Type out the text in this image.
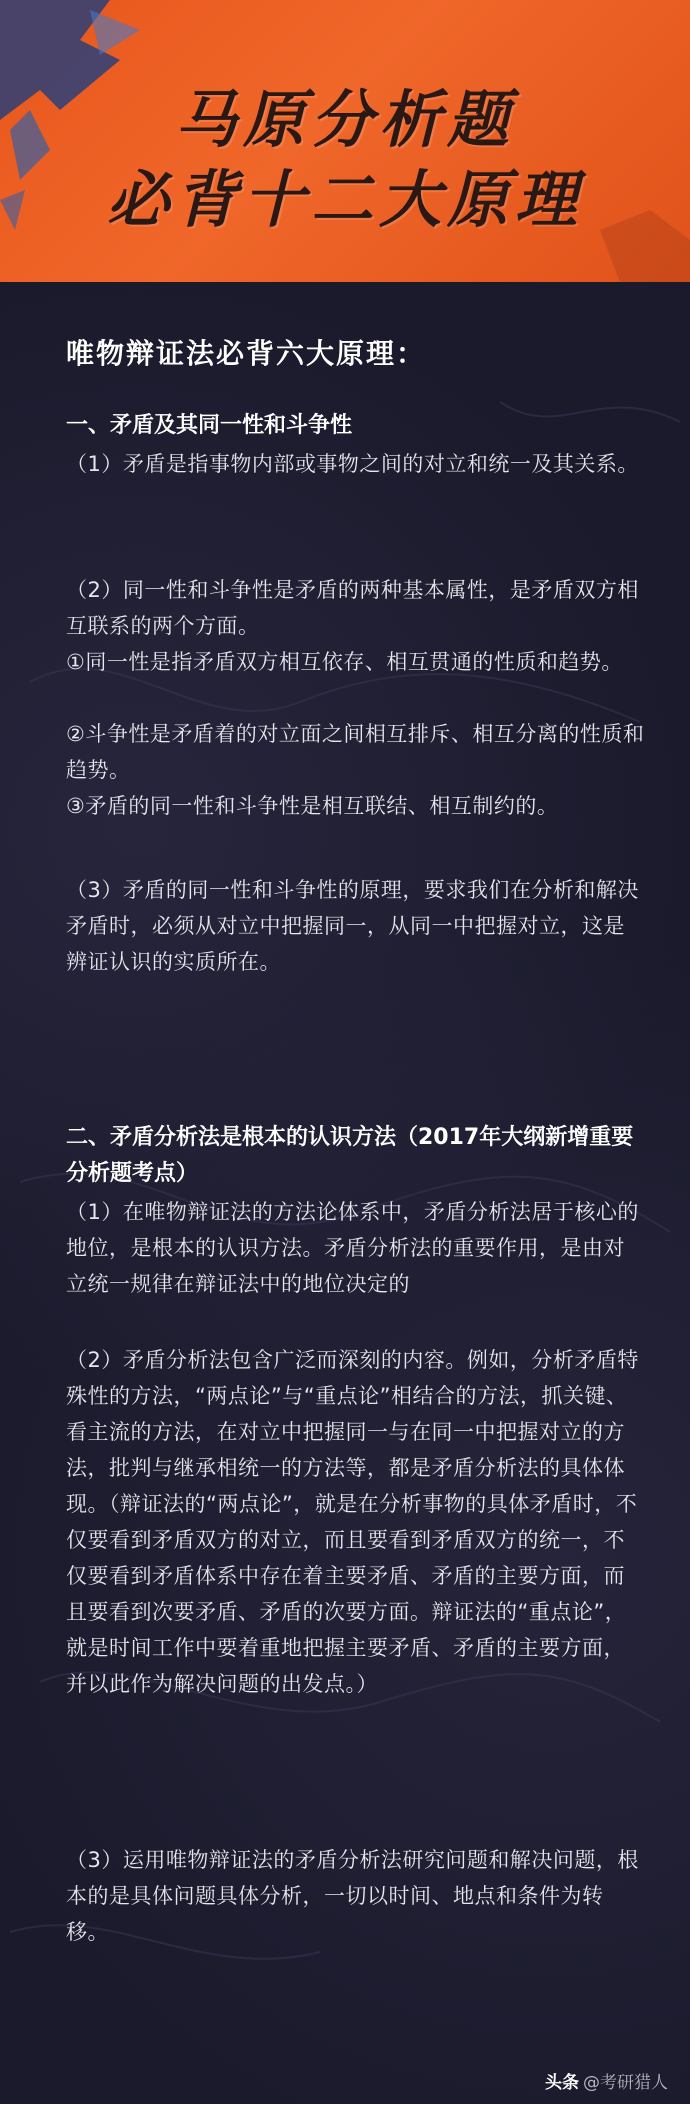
马原分析题
必背十二大原理
唯物辩证法必背六大原理：
一、矛盾及其同一性和斗争性
（1）矛盾是指事物内部或事物之间的对立和统一及其关系。
（2）同一性和斗争性是矛盾的两种基本属性，是矛盾双方相互联系的两个方面。
①同一性是指矛盾双方相互依存、相互贯通的性质和趋势。
②斗争性是矛盾着的对立面之间相互排斥、相互分离的性质和趋势。
③矛盾的同一性和斗争性是相互联结、相互制约的。
（3）矛盾的同一性和斗争性的原理，要求我们在分析和解决矛盾时，必须从对立中把握同一，从同一中把握对立，这是辨证认识的实质所在。
二、矛盾分析法是根本的认识方法（2017年大纲新增重要分析题考点）
（1）在唯物辩证法的方法论体系中，矛盾分析法居于核心的地位，是根本的认识方法。矛盾分析法的重要作用，是由对立统一规律在辩证法中的地位决定的
（2）矛盾分析法包含广泛而深刻的内容。例如，分析矛盾特殊性的方法，“两点论”与“重点论”相结合的方法，抓关键、看主流的方法，在对立中把握同一与在同一中把握对立的方法，批判与继承相统一的方法等，都是矛盾分析法的具体体现。（辩证法的“两点论”，就是在分析事物的具体矛盾时，不仅要看到矛盾双方的对立，而且要看到矛盾双方的统一，不仅要看到矛盾体系中存在着主要矛盾、矛盾的主要方面，而且要看到次要矛盾、矛盾的次要方面。辩证法的“重点论”，就是时间工作中要着重地把握主要矛盾、矛盾的主要方面，并以此作为解决问题的出发点。）
（3）运用唯物辩证法的矛盾分析法研究问题和解决问题，根本的是具体问题具体分析，一切以时间、地点和条件为转移。
头条 @考研猎人
